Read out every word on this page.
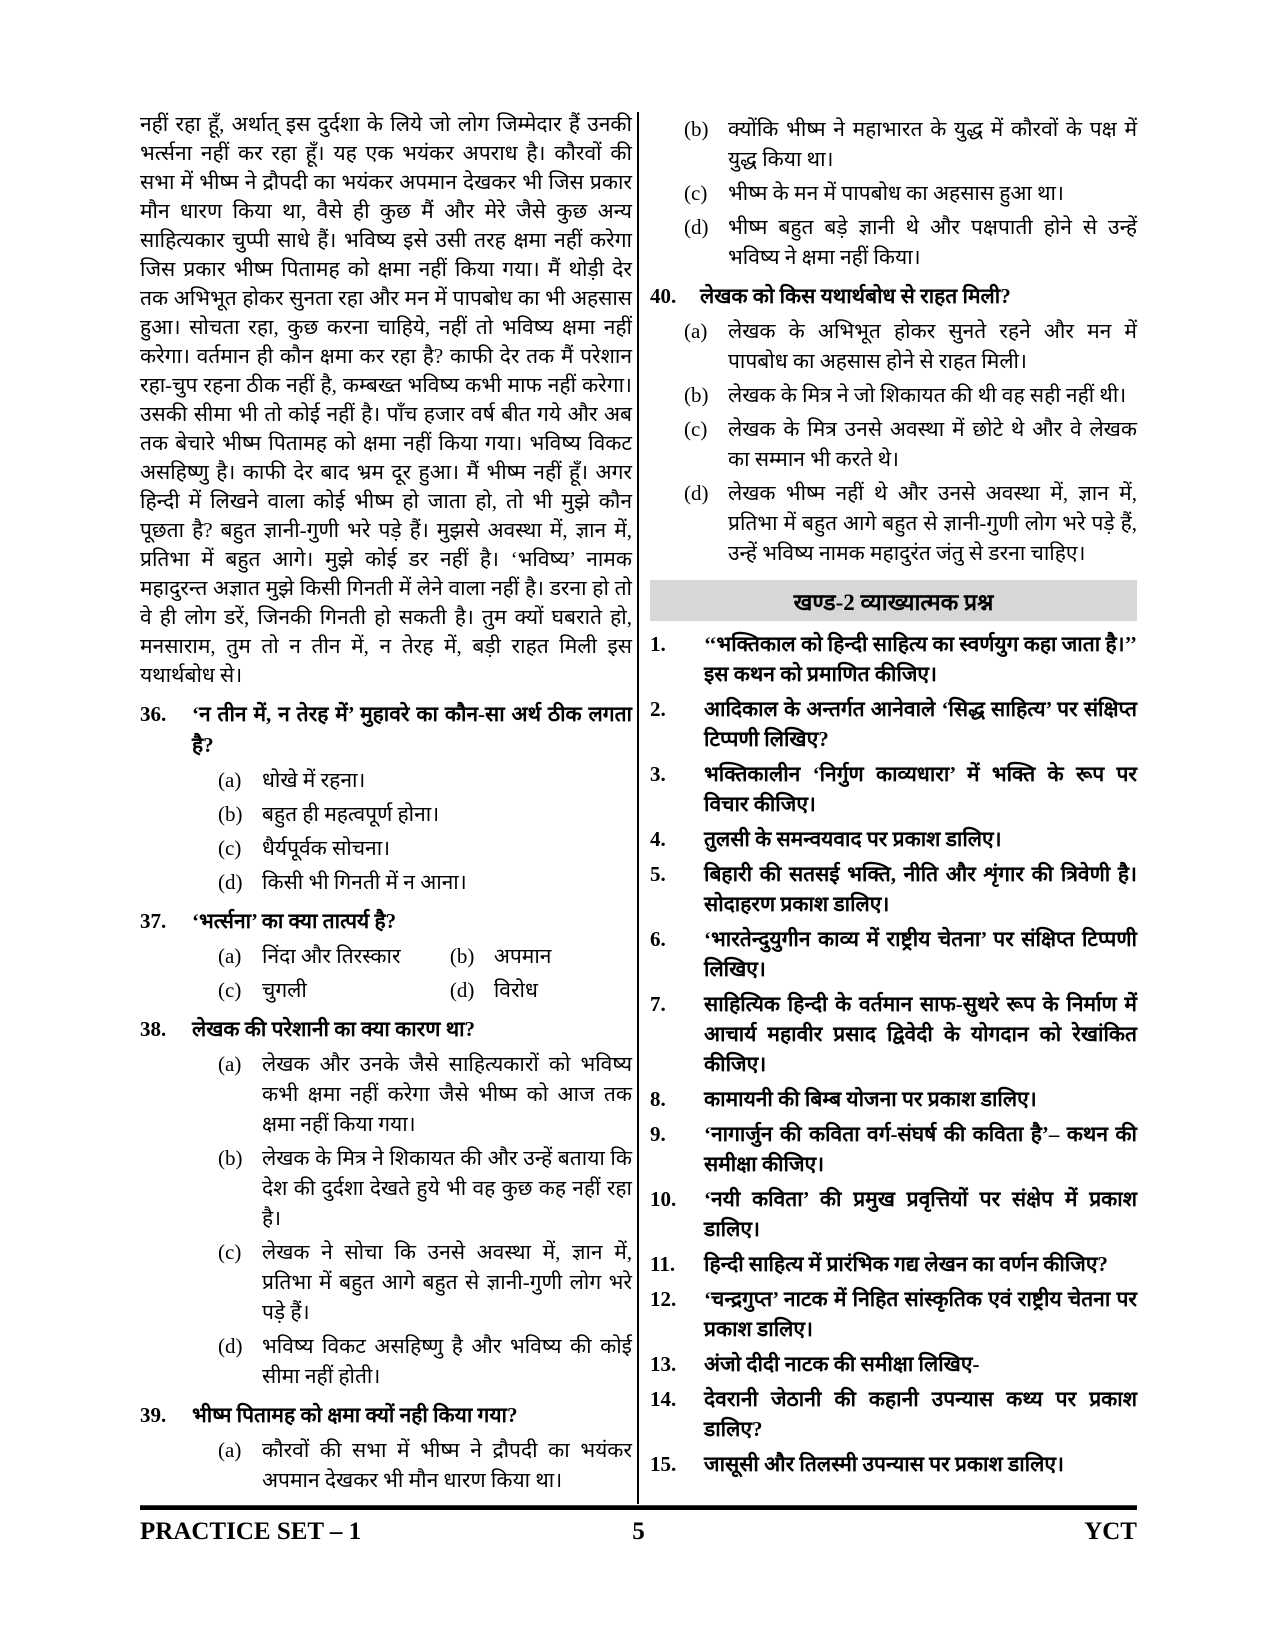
नहीं रहा हूँ, अर्थात् इस दुर्दशा के लिये जो लोग जिम्मेदार हैं उनकी भर्त्सना नहीं कर रहा हूँ। यह एक भयंकर अपराध है। कौरवों की सभा में भीष्म ने द्रौपदी का भयंकर अपमान देखकर भी जिस प्रकार मौन धारण किया था, वैसे ही कुछ मैं और मेरे जैसे कुछ अन्य साहित्यकार चुप्पी साधे हैं। भविष्य इसे उसी तरह क्षमा नहीं करेगा जिस प्रकार भीष्म पितामह को क्षमा नहीं किया गया। मैं थोड़ी देर तक अभिभूत होकर सुनता रहा और मन में पापबोध का भी अहसास हुआ। सोचता रहा, कुछ करना चाहिये, नहीं तो भविष्य क्षमा नहीं करेगा। वर्तमान ही कौन क्षमा कर रहा है? काफी देर तक मैं परेशान रहा-चुप रहना ठीक नहीं है, कम्बख्त भविष्य कभी माफ नहीं करेगा। उसकी सीमा भी तो कोई नहीं है। पाँच हजार वर्ष बीत गये और अब तक बेचारे भीष्म पितामह को क्षमा नहीं किया गया। भविष्य विकट असहिष्णु है। काफी देर बाद भ्रम दूर हुआ। मैं भीष्म नहीं हूँ। अगर हिन्दी में लिखने वाला कोई भीष्म हो जाता हो, तो भी मुझे कौन पूछता है? बहुत ज्ञानी-गुणी भरे पड़े हैं। मुझसे अवस्था में, ज्ञान में, प्रतिभा में बहुत आगे। मुझे कोई डर नहीं है। ‘भविष्य’ नामक महादुरन्त अज्ञात मुझे किसी गिनती में लेने वाला नहीं है। डरना हो तो वे ही लोग डरें, जिनकी गिनती हो सकती है। तुम क्यों घबराते हो, मनसाराम, तुम तो न तीन में, न तेरह में, बड़ी राहत मिली इस यथार्थबोध से।

36.	‘न तीन में, न तेरह में’ मुहावरे का कौन-सा अर्थ ठीक लगता है?
(a) धोखे में रहना।
(b) बहुत ही महत्वपूर्ण होना।
(c) धैर्यपूर्वक सोचना।
(d) किसी भी गिनती में न आना।
37.	‘भर्त्सना’ का क्या तात्पर्य है?
(a) निंदा और तिरस्कार	(b) अपमान
(c) चुगली	(d) विरोध
38.	लेखक की परेशानी का क्या कारण था?
(a) लेखक और उनके जैसे साहित्यकारों को भविष्य कभी क्षमा नहीं करेगा जैसे भीष्म को आज तक क्षमा नहीं किया गया।
(b) लेखक के मित्र ने शिकायत की और उन्हें बताया कि देश की दुर्दशा देखते हुये भी वह कुछ कह नहीं रहा है।
(c) लेखक ने सोचा कि उनसे अवस्था में, ज्ञान में, प्रतिभा में बहुत आगे बहुत से ज्ञानी-गुणी लोग भरे पड़े हैं।
(d) भविष्य विकट असहिष्णु है और भविष्य की कोई सीमा नहीं होती।
39.	भीष्म पितामह को क्षमा क्यों नही किया गया?
(a) कौरवों की सभा में भीष्म ने द्रौपदी का भयंकर अपमान देखकर भी मौन धारण किया था।
(b) क्योंकि भीष्म ने महाभारत के युद्ध में कौरवों के पक्ष में युद्ध किया था।
(c) भीष्म के मन में पापबोध का अहसास हुआ था।
(d) भीष्म बहुत बड़े ज्ञानी थे और पक्षपाती होने से उन्हें भविष्य ने क्षमा नहीं किया।
40.	लेखक को किस यथार्थबोध से राहत मिली?
(a) लेखक के अभिभूत होकर सुनते रहने और मन में पापबोध का अहसास होने से राहत मिली।
(b) लेखक के मित्र ने जो शिकायत की थी वह सही नहीं थी।
(c) लेखक के मित्र उनसे अवस्था में छोटे थे और वे लेखक का सम्मान भी करते थे।
(d) लेखक भीष्म नहीं थे और उनसे अवस्था में, ज्ञान में, प्रतिभा में बहुत आगे बहुत से ज्ञानी-गुणी लोग भरे पड़े हैं, उन्हें भविष्य नामक महादुरंत जंतु से डरना चाहिए।
खण्ड-2 व्याख्यात्मक प्रश्न
1.	‘‘भक्तिकाल को हिन्दी साहित्य का स्वर्णयुग कहा जाता है।’’ इस कथन को प्रमाणित कीजिए।
2.	आदिकाल के अन्तर्गत आनेवाले ‘सिद्ध साहित्य’ पर संक्षिप्त टिप्पणी लिखिए?
3.	भक्तिकालीन ‘निर्गुण काव्यधारा’ में भक्ति के रूप पर विचार कीजिए।
4.	तुलसी के समन्वयवाद पर प्रकाश डालिए।
5.	बिहारी की सतसई भक्ति, नीति और शृंगार की त्रिवेणी है। सोदाहरण प्रकाश डालिए।
6.	‘भारतेन्दुयुगीन काव्य में राष्ट्रीय चेतना’ पर संक्षिप्त टिप्पणी लिखिए।
7.	साहित्यिक हिन्दी के वर्तमान साफ-सुथरे रूप के निर्माण में आचार्य महावीर प्रसाद द्विवेदी के योगदान को रेखांकित कीजिए।
8.	कामायनी की बिम्ब योजना पर प्रकाश डालिए।
9.	‘नागार्जुन की कविता वर्ग-संघर्ष की कविता है’– कथन की समीक्षा कीजिए।
10.	‘नयी कविता’ की प्रमुख प्रवृत्तियों पर संक्षेप में प्रकाश डालिए।
11.	हिन्दी साहित्य में प्रारंभिक गद्य लेखन का वर्णन कीजिए?
12.	‘चन्द्रगुप्त’ नाटक में निहित सांस्कृतिक एवं राष्ट्रीय चेतना पर प्रकाश डालिए।
13.	अंजो दीदी नाटक की समीक्षा लिखिए-
14.	देवरानी जेठानी की कहानी उपन्यास कथ्य पर प्रकाश डालिए?
15.	जासूसी और तिलस्मी उपन्यास पर प्रकाश डालिए।
PRACTICE SET – 1	5	YCT
